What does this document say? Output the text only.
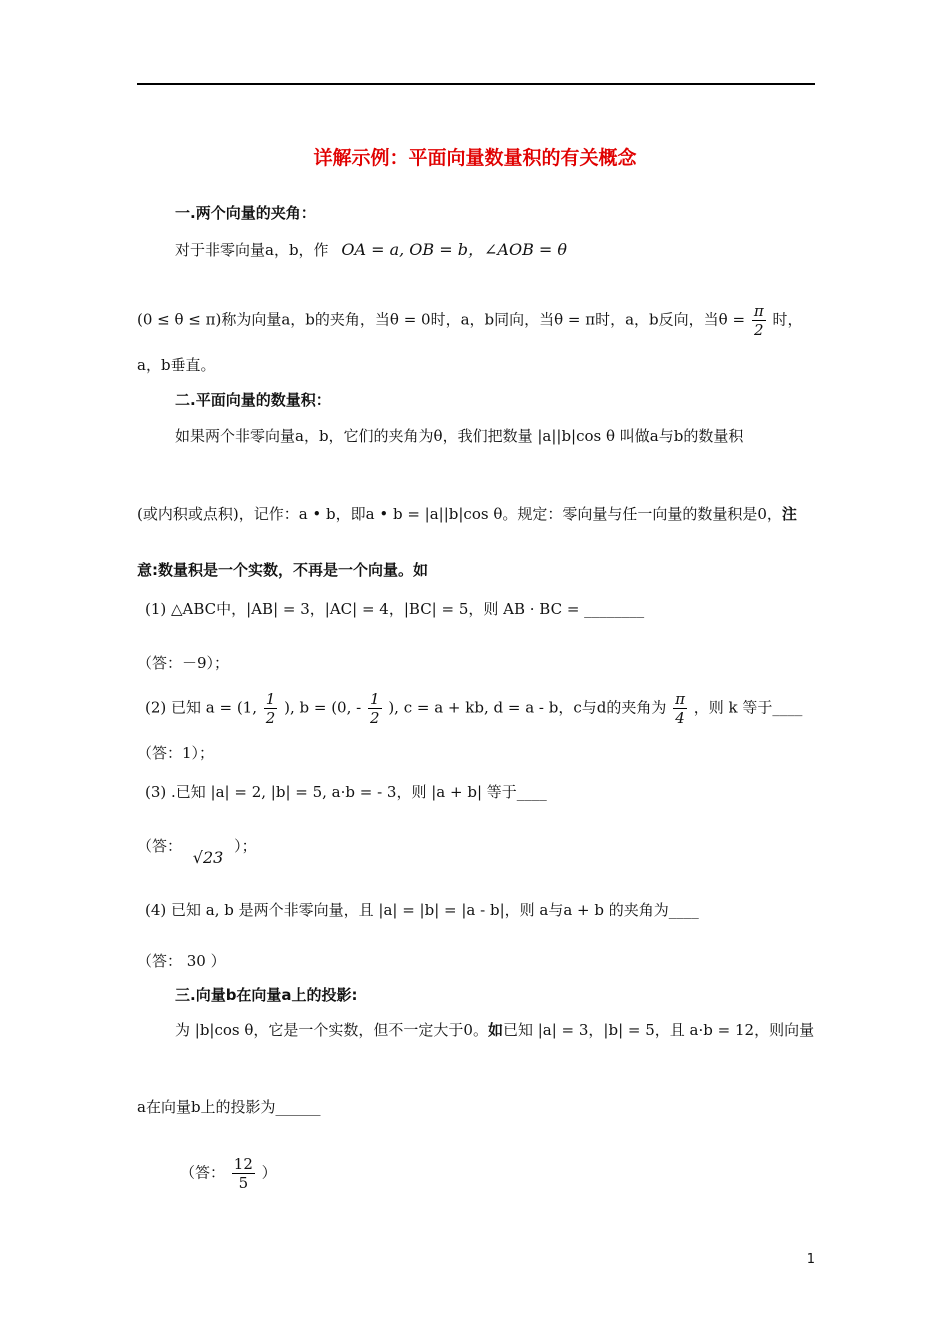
详解示例：平面向量数量积的有关概念
一.两个向量的夹角：
对于非零向量a，b，作 OA = a, OB = b，∠AOB = θ
(0 ≤ θ ≤ π)称为向量a，b的夹角，当θ = 0时，a，b同向，当θ = π时，a，b反向，当$\theta = \frac{\pi}{2}$ 时，
a，b垂直。
二.平面向量的数量积：
如果两个非零向量a，b，它们的夹角为θ，我们把数量 |a||b|cos θ 叫做a与b的数量积
(或内积或点积)，记作：a • b，即a • b = |a||b|cos θ。规定：零向量与任一向量的数量积是0，注
意:数量积是一个实数，不再是一个向量。如
(1) △ABC中，|AB| = 3，|AC| = 4，|BC| = 5，则 AB · BC = ________
（答：－9）；
(2) 已知 a = (1, $\frac{1}{2}$ ), b = (0, - $\frac{1}{2}$ ), c = a + kb, d = a - b，c与d的夹角为 $\frac{\pi}{4}$ ，则 k 等于____
（答：1）；
(3) .已知 |a| = 2, |b| = 5, a·b = - 3，则 |a + b| 等于____
（答： √23 ）；
(4) 已知 a, b 是两个非零向量，且 |a| = |b| = |a - b|，则 a与a + b 的夹角为____
（答： 30 ）
三.向量b在向量a上的投影:
为 |b|cos θ，它是一个实数，但不一定大于0。如已知 |a| = 3，|b| = 5，且 a·b = 12，则向量
a在向量b上的投影为______
（答： $\frac{12}{5}$ ）
1
